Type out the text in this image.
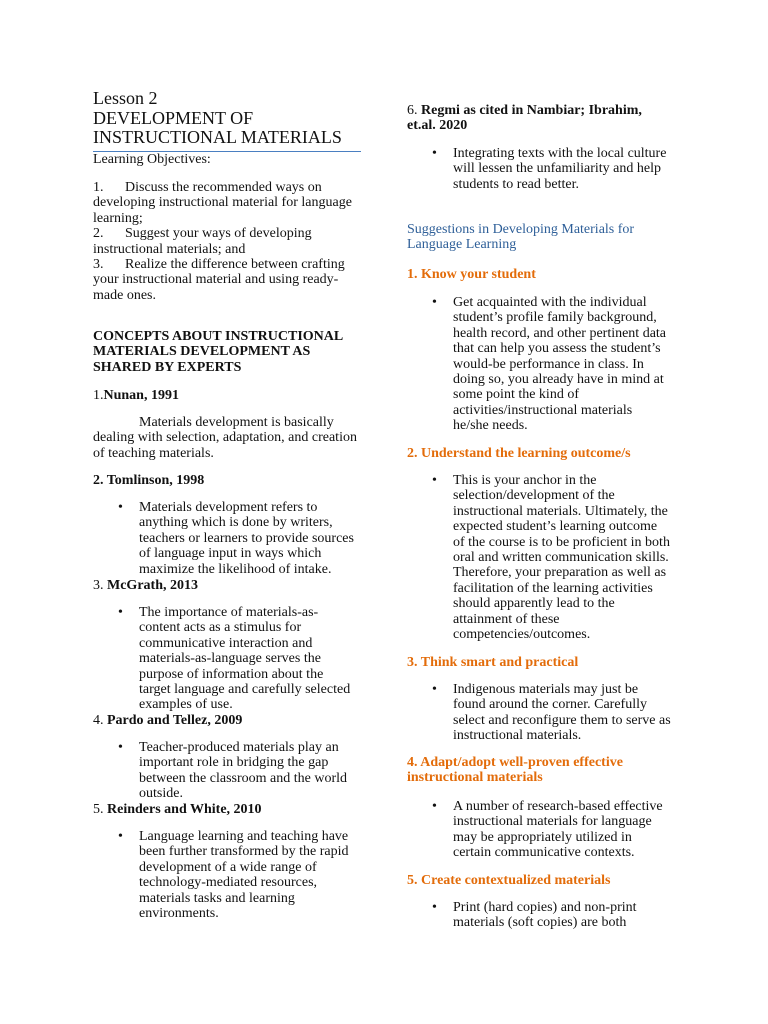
Lesson 2
DEVELOPMENT OF
INSTRUCTIONAL MATERIALS
Learning Objectives:
1. Discuss the recommended ways on
developing instructional material for language
learning;
2. Suggest your ways of developing
instructional materials; and
3. Realize the difference between crafting
your instructional material and using ready-
made ones.
CONCEPTS ABOUT INSTRUCTIONAL
MATERIALS DEVELOPMENT AS
SHARED BY EXPERTS
1.Nunan, 1991
Materials development is basically
dealing with selection, adaptation, and creation
of teaching materials.
2. Tomlinson, 1998
• Materials development refers to
anything which is done by writers,
teachers or learners to provide sources
of language input in ways which
maximize the likelihood of intake.
3. McGrath, 2013
• The importance of materials-as-
content acts as a stimulus for
communicative interaction and
materials-as-language serves the
purpose of information about the
target language and carefully selected
examples of use.
4. Pardo and Tellez, 2009
• Teacher-produced materials play an
important role in bridging the gap
between the classroom and the world
outside.
5. Reinders and White, 2010
• Language learning and teaching have
been further transformed by the rapid
development of a wide range of
technology-mediated resources,
materials tasks and learning
environments.
6. Regmi as cited in Nambiar; Ibrahim,
et.al. 2020
• Integrating texts with the local culture
will lessen the unfamiliarity and help
students to read better.
Suggestions in Developing Materials for
Language Learning
1. Know your student
• Get acquainted with the individual
student’s profile family background,
health record, and other pertinent data
that can help you assess the student’s
would-be performance in class. In
doing so, you already have in mind at
some point the kind of
activities/instructional materials
he/she needs.
2. Understand the learning outcome/s
• This is your anchor in the
selection/development of the
instructional materials. Ultimately, the
expected student’s learning outcome
of the course is to be proficient in both
oral and written communication skills.
Therefore, your preparation as well as
facilitation of the learning activities
should apparently lead to the
attainment of these
competencies/outcomes.
3. Think smart and practical
• Indigenous materials may just be
found around the corner. Carefully
select and reconfigure them to serve as
instructional materials.
4. Adapt/adopt well-proven effective
instructional materials
• A number of research-based effective
instructional materials for language
may be appropriately utilized in
certain communicative contexts.
5. Create contextualized materials
• Print (hard copies) and non-print
materials (soft copies) are both
